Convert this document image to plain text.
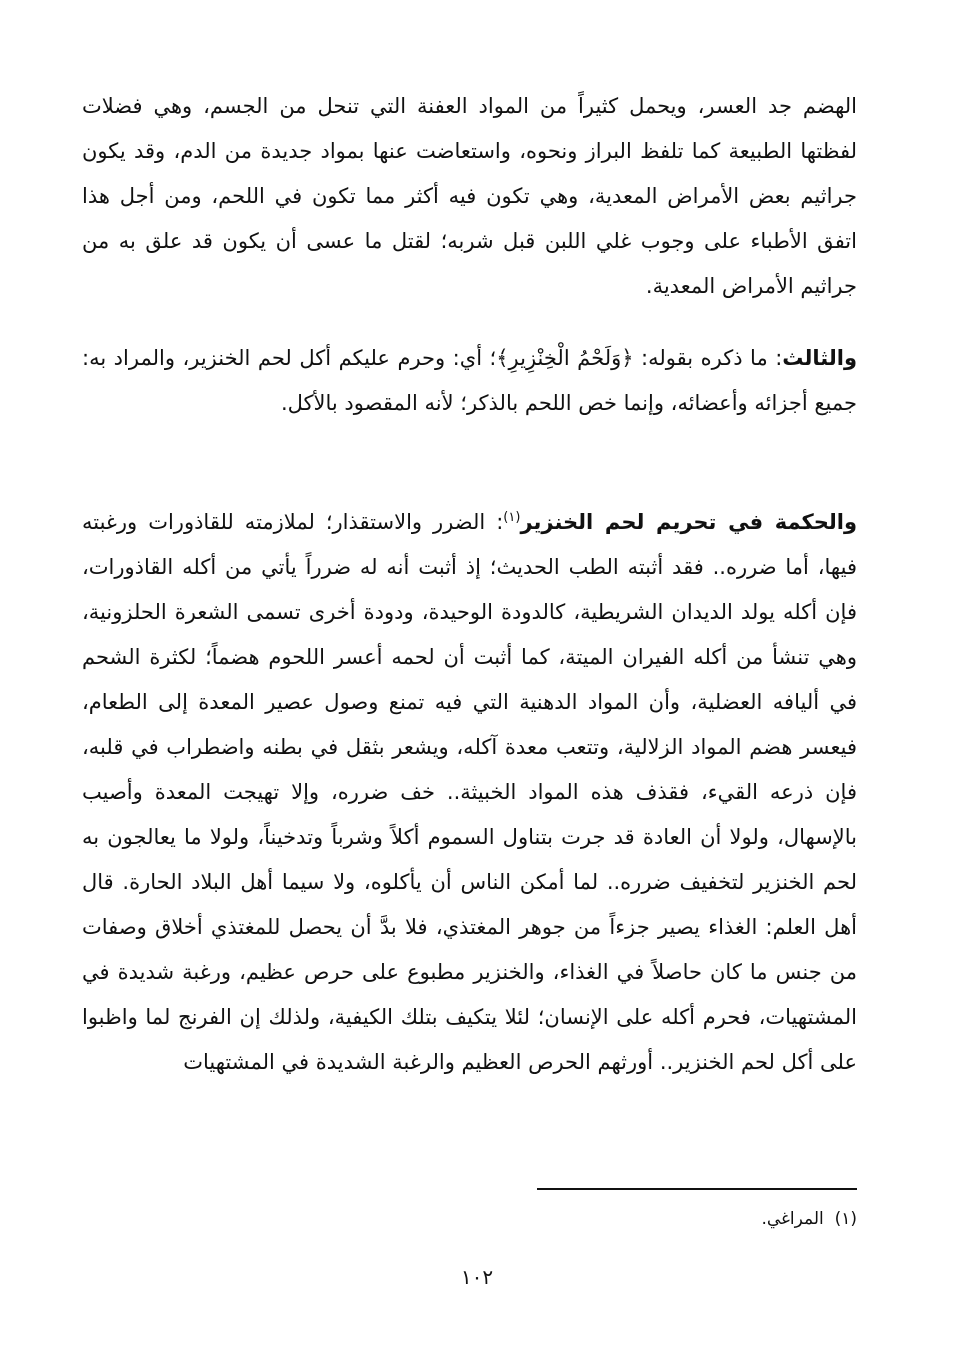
الهضم جد العسر، ويحمل كثيراً من المواد العفنة التي تنحل من الجسم، وهي فضلات لفظتها الطبيعة كما تلفظ البراز ونحوه، واستعاضت عنها بمواد جديدة من الدم، وقد يكون جراثيم بعض الأمراض المعدية، وهي تكون فيه أكثر مما تكون في اللحم، ومن أجل هذا اتفق الأطباء على وجوب غلي اللبن قبل شربه؛ لقتل ما عسى أن يكون قد علق به من جراثيم الأمراض المعدية.

والثالث: ما ذكره بقوله: ﴿وَلَحْمُ الْخِنْزِيرِ﴾؛ أي: وحرم عليكم أكل لحم الخنزير، والمراد به: جميع أجزائه وأعضائه، وإنما خص اللحم بالذكر؛ لأنه المقصود بالأكل.

والحكمة في تحريم لحم الخنزير$^{(١)}$: الضرر والاستقذار؛ لملازمته للقاذورات ورغبته فيها، أما ضرره.. فقد أثبته الطب الحديث؛ إذ أثبت أنه له ضرراً يأتي من أكله القاذورات، فإن أكله يولد الديدان الشريطية، كالدودة الوحيدة، ودودة أخرى تسمى الشعرة الحلزونية، وهي تنشأ من أكله الفيران الميتة، كما أثبت أن لحمه أعسر اللحوم هضماً؛ لكثرة الشحم في أليافه العضلية، وأن المواد الدهنية التي فيه تمنع وصول عصير المعدة إلى الطعام، فيعسر هضم المواد الزلالية، وتتعب معدة آكله، ويشعر بثقل في بطنه واضطراب في قلبه، فإن ذرعه القيء، فقذف هذه المواد الخبيثة.. خف ضرره، وإلا تهيجت المعدة وأصيب بالإسهال، ولولا أن العادة قد جرت بتناول السموم أكلاً وشرباً وتدخيناً، ولولا ما يعالجون به لحم الخنزير لتخفيف ضرره.. لما أمكن الناس أن يأكلوه، ولا سيما أهل البلاد الحارة. قال أهل العلم: الغذاء يصير جزءاً من جوهر المغتذي، فلا بدَّ أن يحصل للمغتذي أخلاق وصفات من جنس ما كان حاصلاً في الغذاء، والخنزير مطبوع على حرص عظيم، ورغبة شديدة في المشتهيات، فحرم أكله على الإنسان؛ لئلا يتكيف بتلك الكيفية، ولذلك إن الفرنج لما واظبوا على أكل لحم الخنزير.. أورثهم الحرص العظيم والرغبة الشديدة في المشتهيات

(١)  المراغي.

١٠٢
